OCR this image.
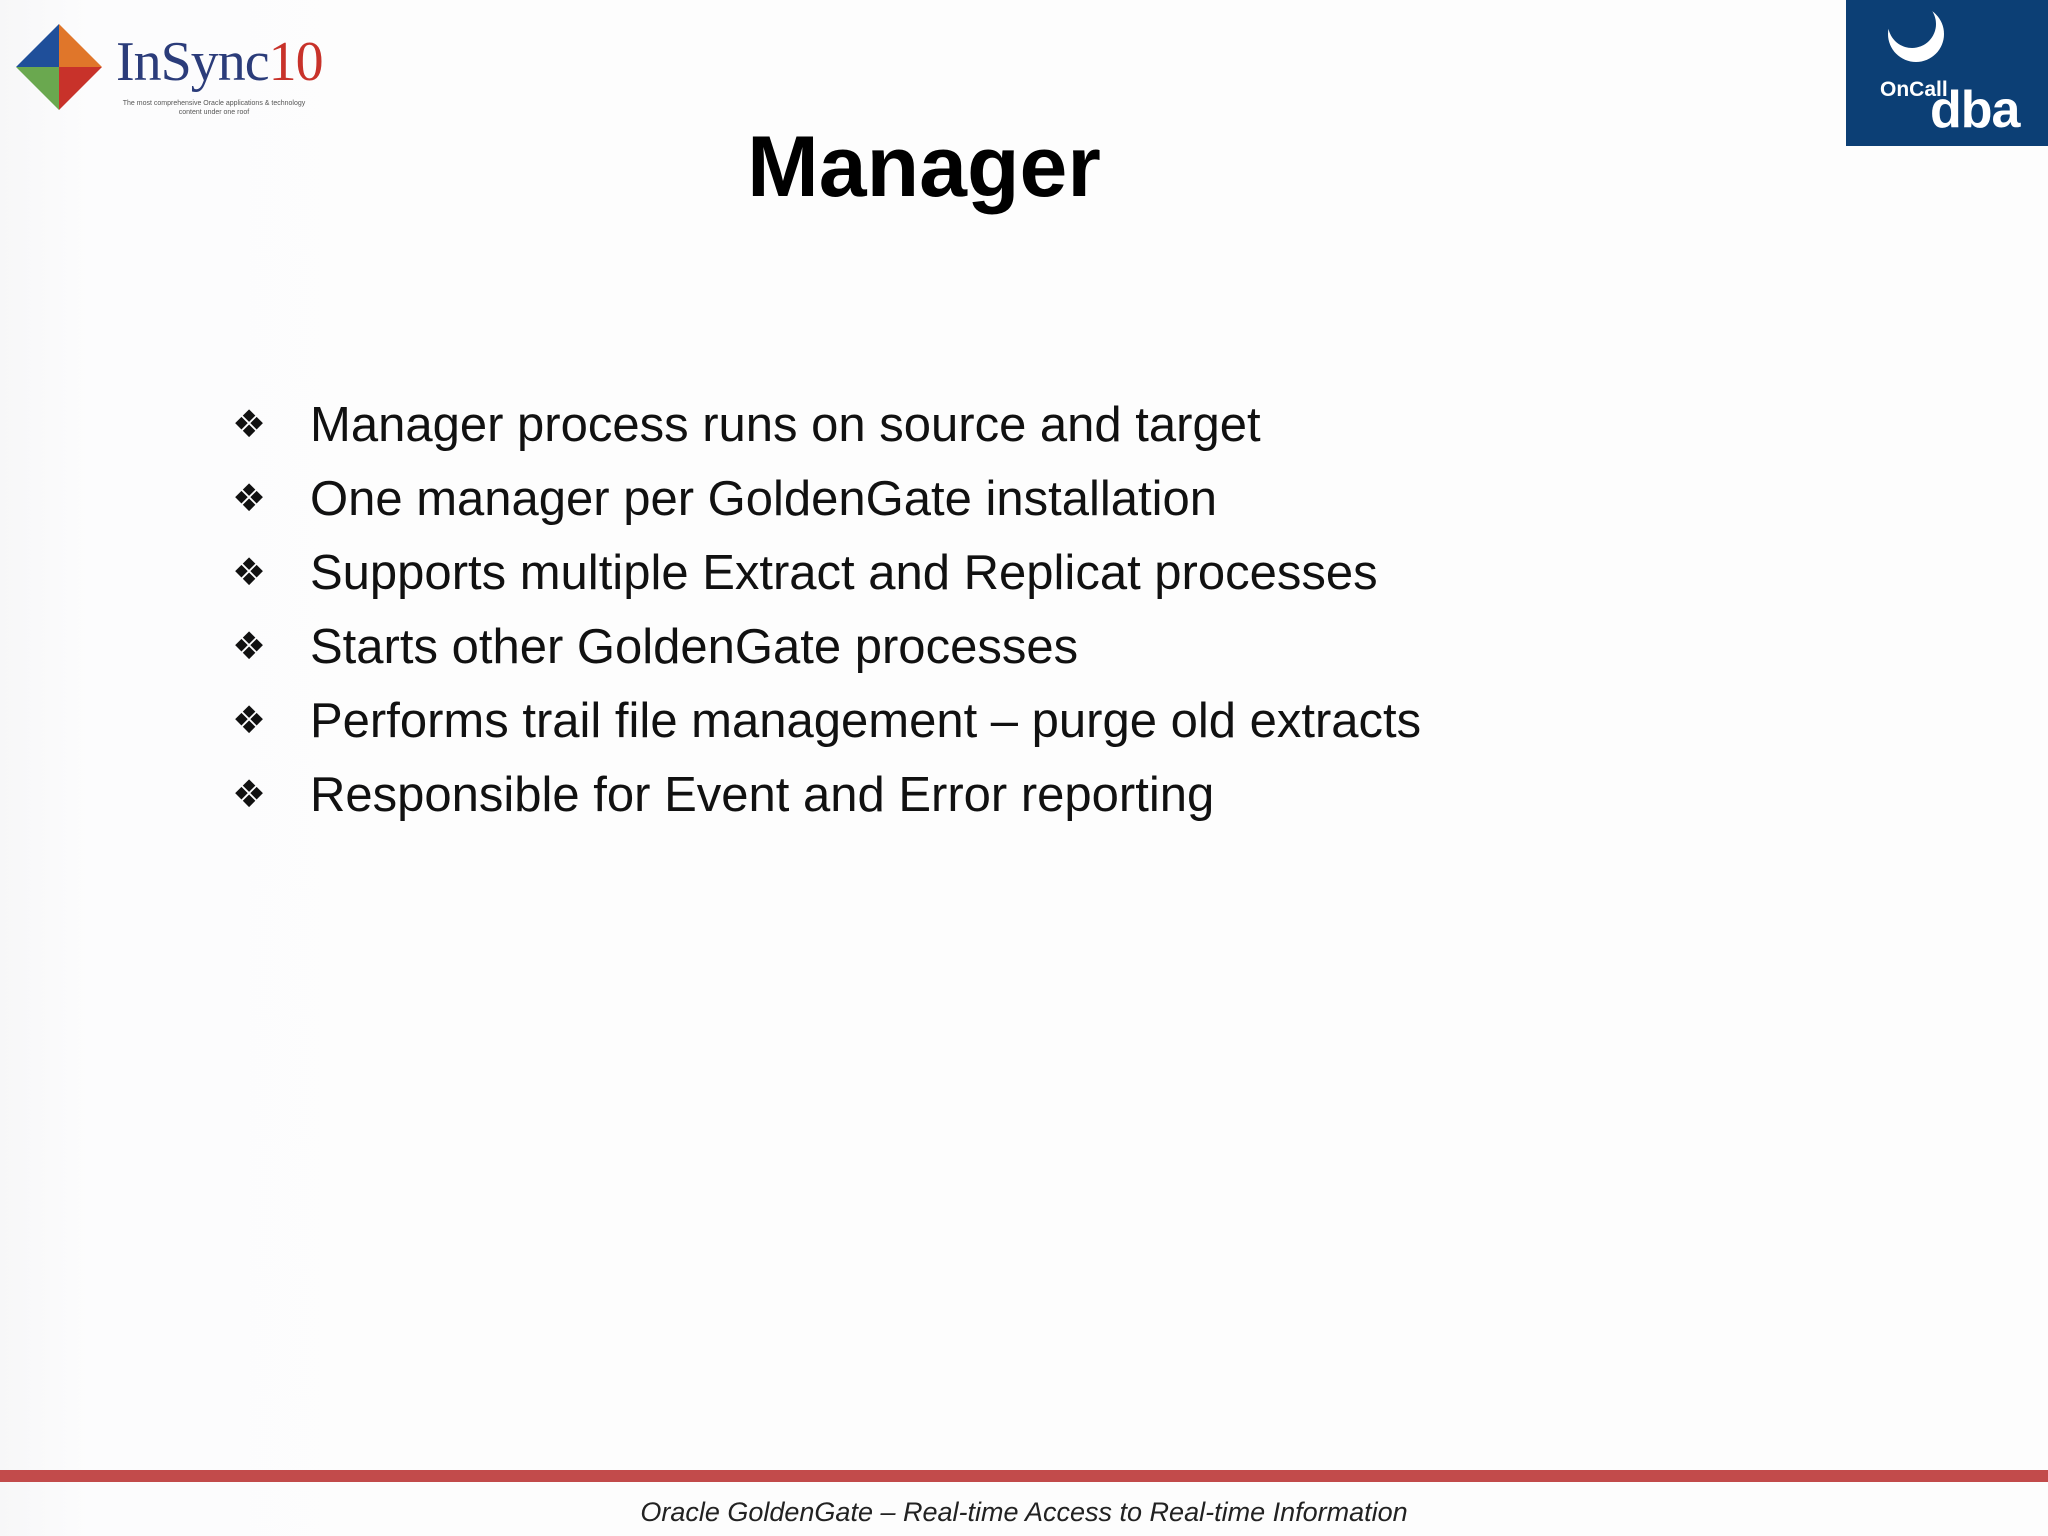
InSync10
The most comprehensive Oracle applications & technology content under one roof
OnCall
dba
Manager
❖ Manager process runs on source and target
❖ One manager per GoldenGate installation
❖ Supports multiple Extract and Replicat processes
❖ Starts other GoldenGate processes
❖ Performs trail file management – purge old extracts
❖ Responsible for Event and Error reporting
Oracle GoldenGate – Real-time Access to Real-time Information
